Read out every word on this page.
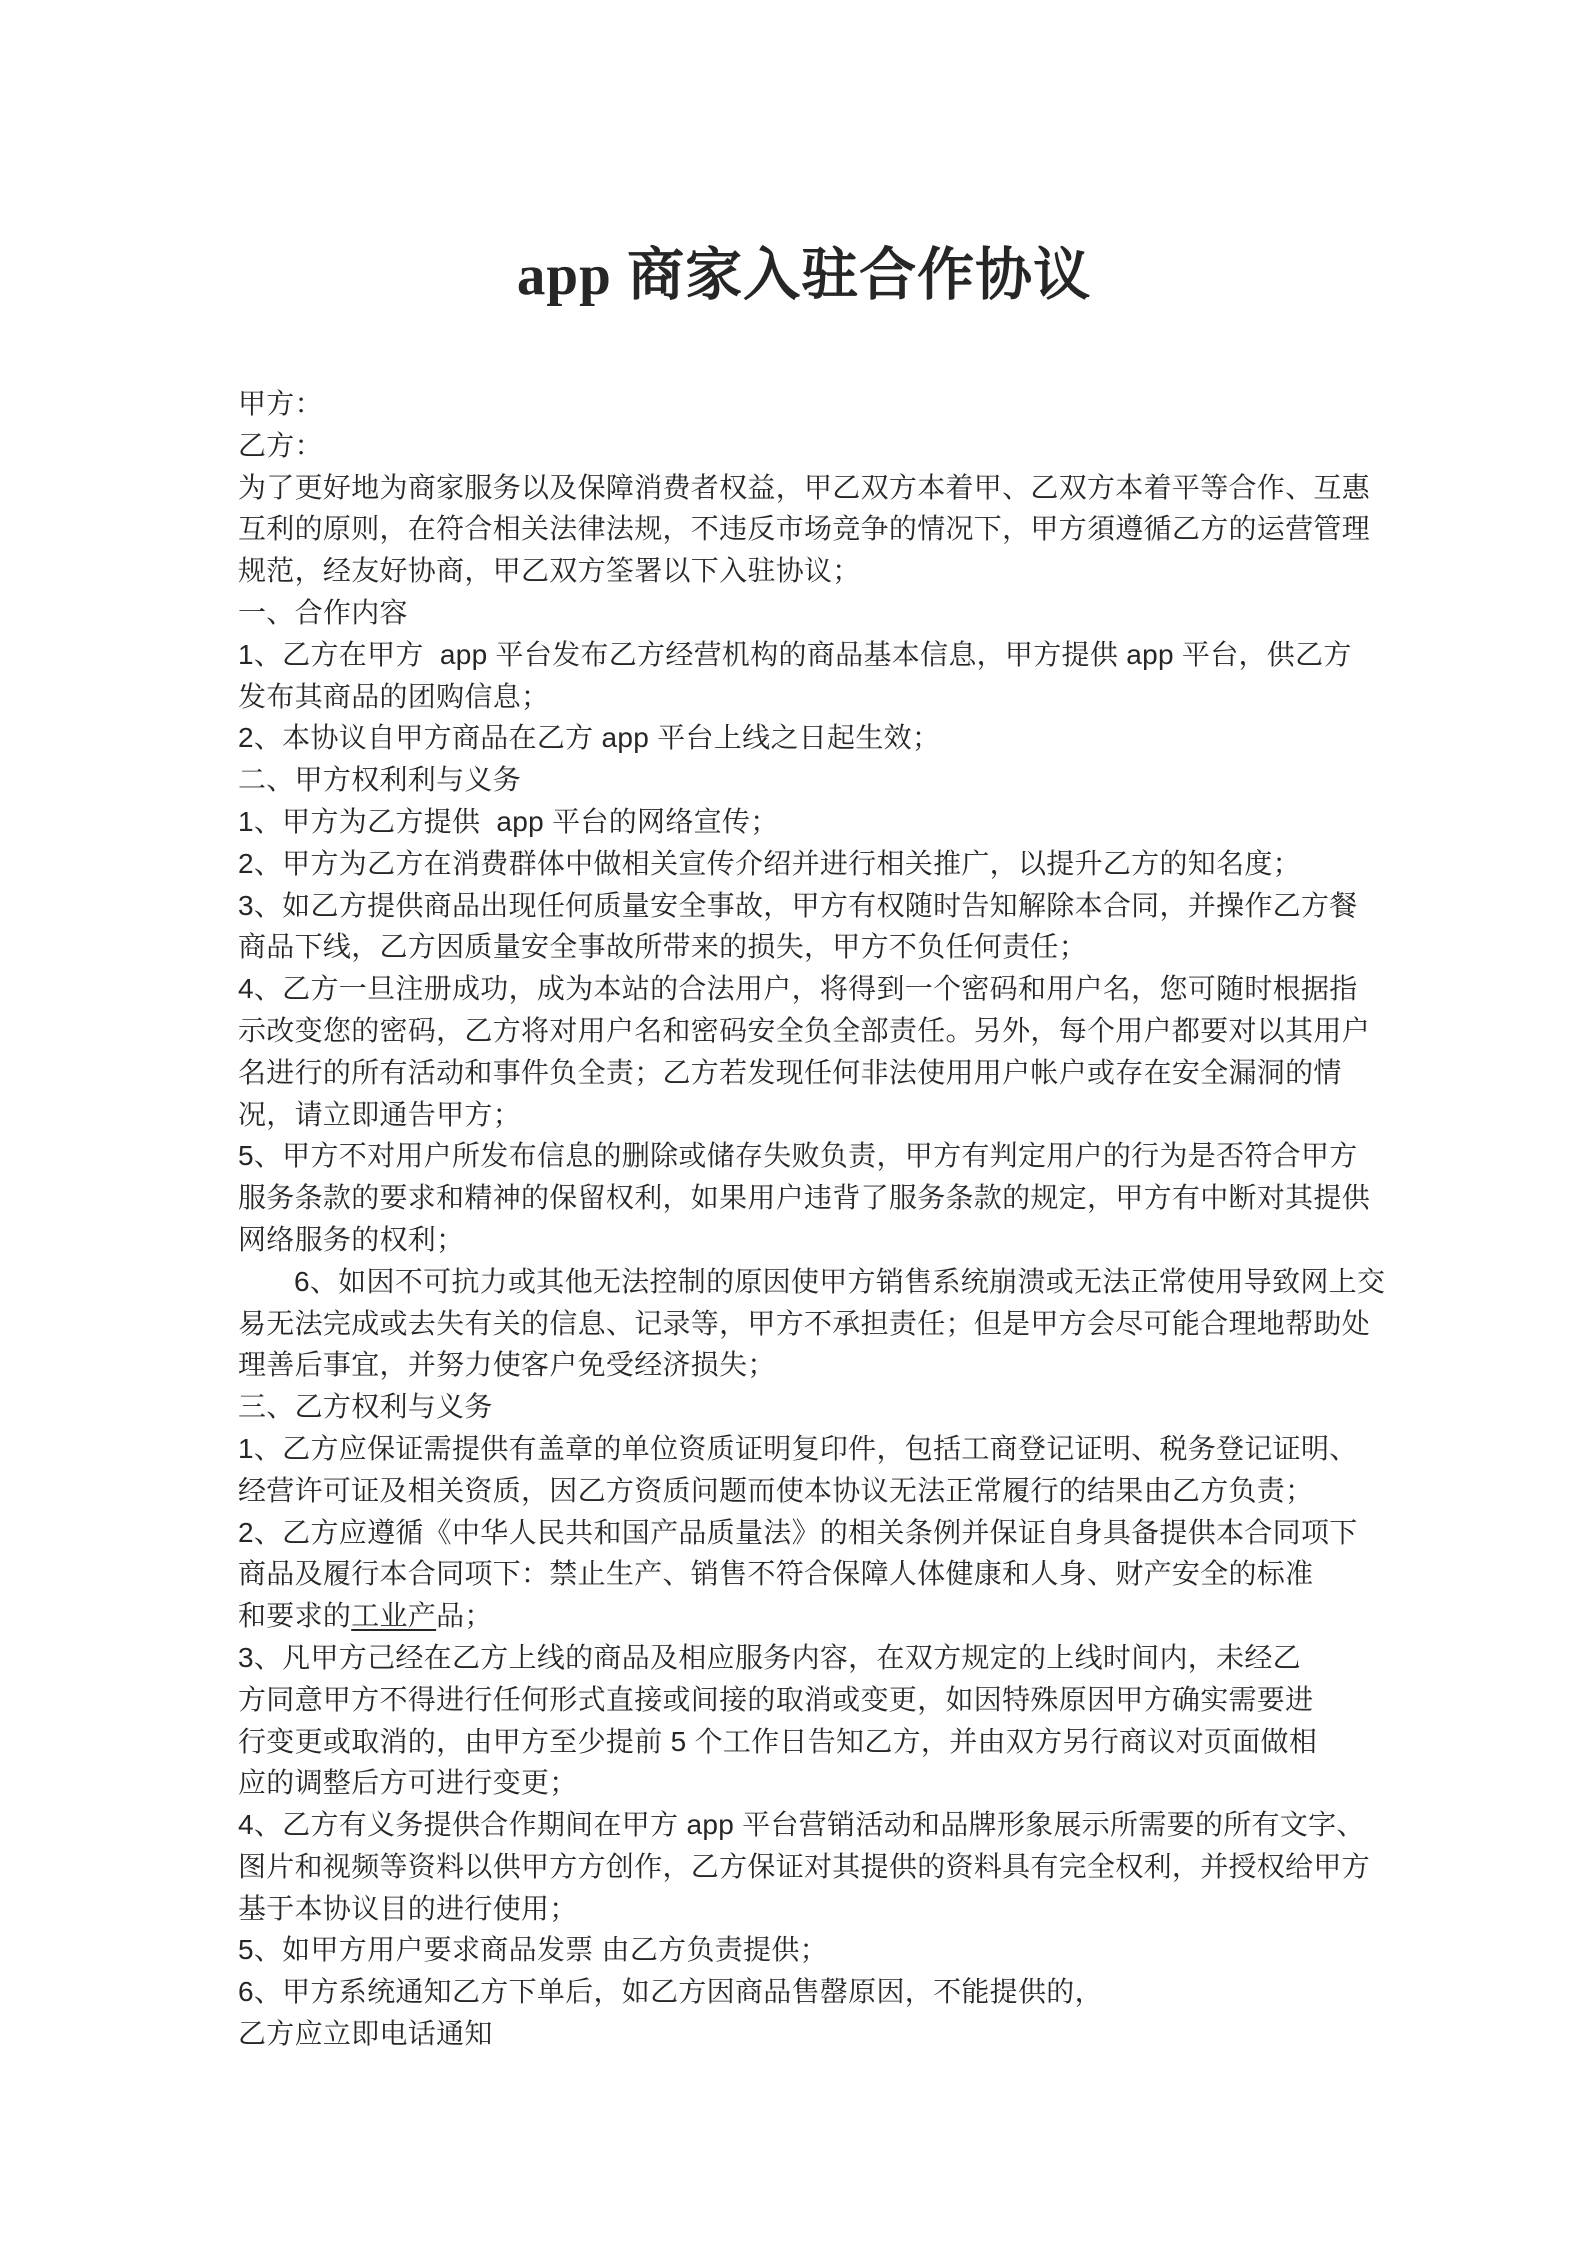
app 商家入驻合作协议
甲方：
乙方：
为了更好地为商家服务以及保障消费者权益，甲乙双方本着甲、乙双方本着平等合作、互惠
互利的原则，在符合相关法律法规，不违反市场竞争的情况下，甲方須遵循乙方的运营管理
规范，经友好协商，甲乙双方筌署以下入驻协议；
一、合作内容
1、乙方在甲方  app 平台发布乙方经营机构的商品基本信息，甲方提供 app 平台，供乙方
发布其商品的团购信息；
2、本协议自甲方商品在乙方 app 平台上线之日起生效；
二、甲方权利利与义务
1、甲方为乙方提供  app 平台的网络宣传；
2、甲方为乙方在消费群体中做相关宣传介绍并进行相关推广，以提升乙方的知名度；
3、如乙方提供商品出现任何质量安全事故，甲方有权随时告知解除本合同，并操作乙方餐
商品下线，乙方因质量安全事故所带来的损失，甲方不负任何责任；
4、乙方一旦注册成功，成为本站的合法用户，将得到一个密码和用户名，您可随时根据指
示改变您的密码，乙方将对用户名和密码安全负全部责任。另外，每个用户都要对以其用户
名进行的所有活动和事件负全责；乙方若发现任何非法使用用户帐户或存在安全漏洞的情
况，请立即通告甲方；
5、甲方不对用户所发布信息的删除或储存失败负责，甲方有判定用户的行为是否符合甲方
服务条款的要求和精神的保留权利，如果用户违背了服务条款的规定，甲方有中断对其提供
网络服务的权利；
6、如因不可抗力或其他无法控制的原因使甲方销售系统崩溃或无法正常使用导致网上交
易无法完成或去失有关的信息、记录等，甲方不承担责任；但是甲方会尽可能合理地帮助处
理善后事宜，并努力使客户免受经济损失；
三、乙方权利与义务
1、乙方应保证需提供有盖章的单位资质证明复印件，包括工商登记证明、税务登记证明、
经营许可证及相关资质，因乙方资质问题而使本协议无法正常履行的结果由乙方负责；
2、乙方应遵循《中华人民共和国产品质量法》的相关条例并保证自身具备提供本合同项下
商品及履行本合同项下：禁止生产、销售不符合保障人体健康和人身、财产安全的标准
和要求的工业产品；
3、凡甲方己经在乙方上线的商品及相应服务内容，在双方规定的上线时间内，未经乙
方同意甲方不得进行任何形式直接或间接的取消或变更，如因特殊原因甲方确实需要进
行变更或取消的，由甲方至少提前 5 个工作日告知乙方，并由双方另行商议对页面做相
应的调整后方可进行变更；
4、乙方有义务提供合作期间在甲方 app 平台营销活动和品牌形象展示所需要的所有文字、
图片和视频等资料以供甲方方创作，乙方保证对其提供的资料具有完全权利，并授权给甲方
基于本协议目的进行使用；
5、如甲方用户要求商品发票 由乙方负责提供；
6、甲方系统通知乙方下单后，如乙方因商品售罄原因，不能提供的，
乙方应立即电话通知
